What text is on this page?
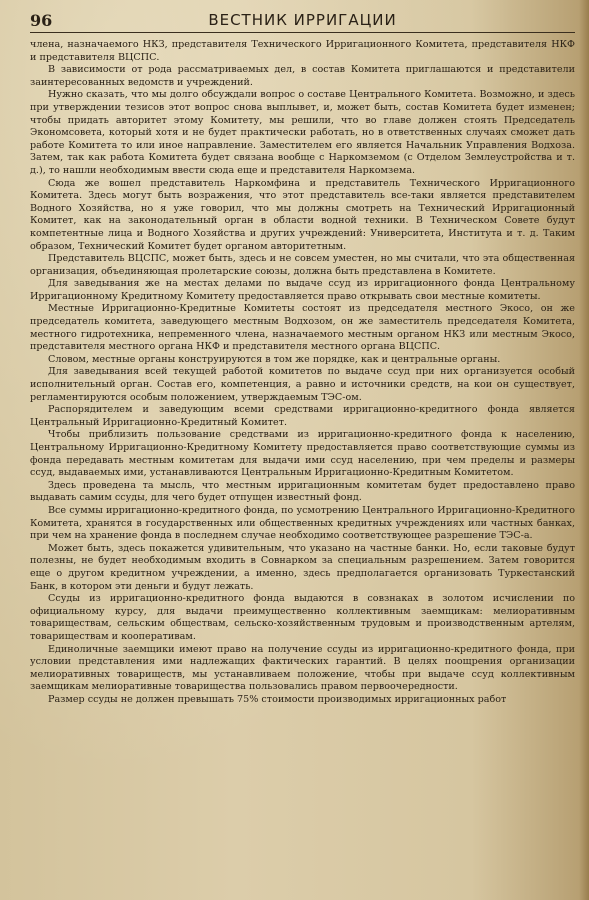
96	ВЕСТНИК ИРРИГАЦИИ

члена, назначаемого НКЗ, представителя Технического Ирригационного Комитета, представителя НКФ и представителя ВЦСПС.

В зависимости от рода рассматриваемых дел, в состав Комитета приглашаются и представители заинтересованных ведомств и учреждений.

Нужно сказать, что мы долго обсуждали вопрос о составе Центрального Комитета. Возможно, и здесь при утверждении тезисов этот вопрос снова выплывет, и, может быть, состав Комитета будет изменен; чтобы придать авторитет этому Комитету, мы решили, что во главе должен стоять Председатель Экономсовета, который хотя и не будет практически работать, но в ответственных случаях сможет дать работе Комитета то или иное направление. Заместителем его является Начальник Управления Водхоза. Затем, так как работа Комитета будет связана вообще с Наркомземом (с Отделом Землеустройства и т. д.), то нашли необходимым ввести сюда еще и представителя Наркомзема.

Сюда же вошел представитель Наркомфина и представитель Технического Ирригационного Комитета. Здесь могут быть возражения, что этот представитель все-таки является представителем Водного Хозяйства, но я уже говорил, что мы должны смотреть на Технический Ирригационный Комитет, как на законодательный орган в области водной техники. В Техническом Совете будут компетентные лица и Водного Хозяйства и других учреждений: Университета, Института и т. д. Таким образом, Технический Комитет будет органом авторитетным.

Представитель ВЦСПС, может быть, здесь и не совсем уместен, но мы считали, что эта общественная организация, объединяющая пролетарские союзы, должна быть представлена в Комитете.

Для заведывания же на местах делами по выдаче ссуд из ирригационного фонда Центральному Ирригационному Кредитному Комитету предоставляется право открывать свои местные комитеты.

Местные Ирригационно-Кредитные Комитеты состоят из председателя местного Экосо, он же председатель комитета, заведующего местным Водхозом, он же заместитель председателя Комитета, местного гидротехника, непременного члена, назначаемого местным органом НКЗ или местным Экосо, представителя местного органа НКФ и представителя местного органа ВЦСПС.

Словом, местные органы конструируются в том же порядке, как и центральные органы.

Для заведывания всей текущей работой комитетов по выдаче ссуд при них организуется особый исполнительный орган. Состав его, компетенция, а равно и источники средств, на кои он существует, регламентируются особым положением, утверждаемым ТЭС-ом.

Распорядителем и заведующим всеми средствами ирригационно-кредитного фонда является Центральный Ирригационно-Кредитный Комитет.

Чтобы приблизить пользование средствами из ирригационно-кредитного фонда к населению, Центральному Ирригационно-Кредитному Комитету предоставляется право соответствующие суммы из фонда передавать местным комитетам для выдачи ими ссуд населению, при чем пределы и размеры ссуд, выдаваемых ими, устанавливаются Центральным Ирригационно-Кредитным Комитетом.

Здесь проведена та мысль, что местным ирригационным комитетам будет предоставлено право выдавать самим ссуды, для чего будет отпущен известный фонд.

Все суммы ирригационно-кредитного фонда, по усмотрению Центрального Ирригационно-Кредитного Комитета, хранятся в государственных или общественных кредитных учреждениях или частных банках, при чем на хранение фонда в последнем случае необходимо соответствующее разрешение ТЭС-а.

Может быть, здесь покажется удивительным, что указано на частные банки. Но, если таковые будут полезны, не будет необходимым входить в Совнарком за специальным разрешением. Затем говорится еще о другом кредитном учреждении, а именно, здесь предполагается организовать Туркестанский Банк, в котором эти деньги и будут лежать.

Ссуды из ирригационно-кредитного фонда выдаются в совзнаках в золотом исчислении по официальному курсу, для выдачи преимущественно коллективным заемщикам: мелиоративным товариществам, сельским обществам, сельско-хозяйственным трудовым и производственным артелям, товариществам и кооперативам.

Единоличные заемщики имеют право на получение ссуды из ирригационно-кредитного фонда, при условии представления ими надлежащих фактических гарантий. В целях поощрения организации мелиоративных товариществ, мы устанавливаем положение, чтобы при выдаче ссуд коллективным заемщикам мелиоративные товарищества пользовались правом первоочередности.

Размер ссуды не должен превышать 75% стоимости производимых ирригационных работ
